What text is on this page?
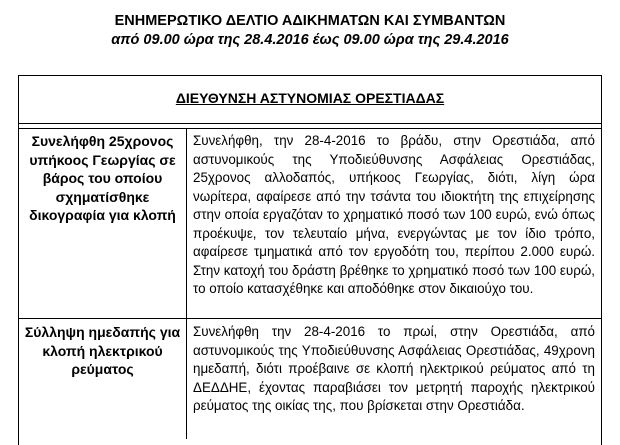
ΕΝΗΜΕΡΩΤΙΚΟ ΔΕΛΤΙΟ ΑΔΙΚΗΜΑΤΩΝ ΚΑΙ ΣΥΜΒΑΝΤΩΝ
από 09.00 ώρα της 28.4.2016 έως 09.00 ώρα της 29.4.2016
ΔΙΕΥΘΥΝΣΗ ΑΣΤΥΝΟΜΙΑΣ ΟΡΕΣΤΙΑΔΑΣ
Συνελήφθη 25χρονος υπήκοος Γεωργίας σε βάρος του οποίου σχηματίσθηκε δικογραφία για κλοπή
Συνελήφθη, την 28-4-2016 το βράδυ, στην Ορεστιάδα, από αστυνομικούς της Υποδιεύθυνσης Ασφάλειας Ορεστιάδας, 25χρονος αλλοδαπός, υπήκοος Γεωργίας, διότι, λίγη ώρα νωρίτερα, αφαίρεσε από την τσάντα του ιδιοκτήτη της επιχείρησης στην οποία εργαζόταν το χρηματικό ποσό των 100 ευρώ, ενώ όπως προέκυψε, τον τελευταίο μήνα, ενεργώντας με τον ίδιο τρόπο, αφαίρεσε τμηματικά από τον εργοδότη του, περίπου 2.000 ευρώ. Στην κατοχή του δράστη βρέθηκε το χρηματικό ποσό των 100 ευρώ, το οποίο κατασχέθηκε και αποδόθηκε στον δικαιούχο του.
Σύλληψη ημεδαπής για κλοπή ηλεκτρικού ρεύματος
Συνελήφθη την 28-4-2016 το πρωί, στην Ορεστιάδα, από αστυνομικούς της Υποδιεύθυνσης Ασφάλειας Ορεστιάδας, 49χρονη ημεδαπή, διότι προέβαινε σε κλοπή ηλεκτρικού ρεύματος από τη ΔΕΔΔΗΕ, έχοντας παραβιάσει τον μετρητή παροχής ηλεκτρικού ρεύματος της οικίας της, που βρίσκεται στην Ορεστιάδα.
